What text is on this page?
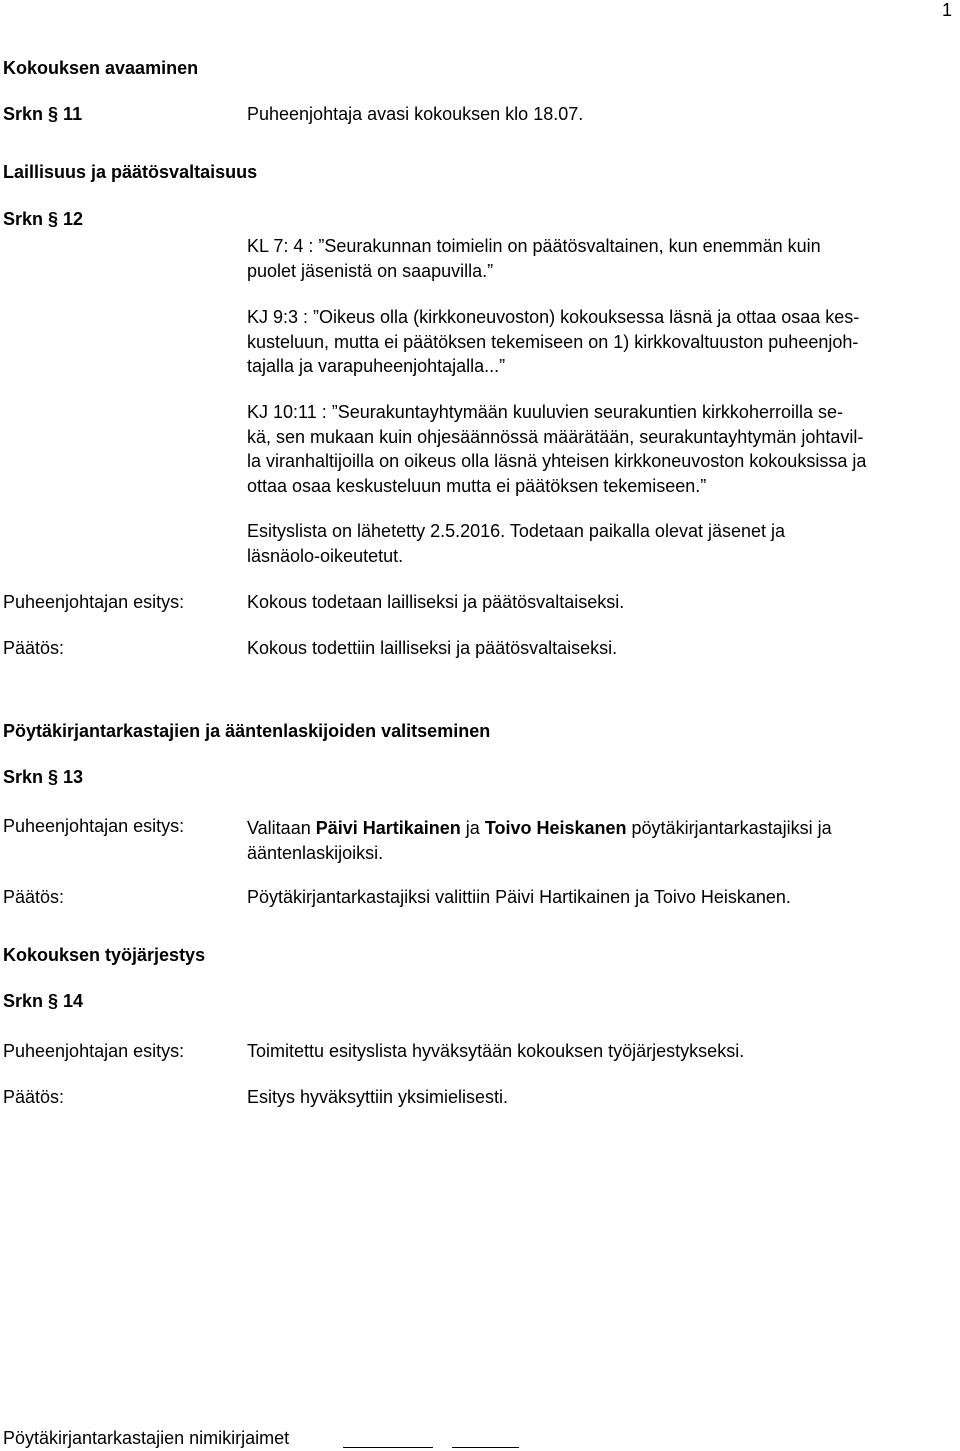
1
Kokouksen avaaminen
Srkn § 11	Puheenjohtaja avasi kokouksen klo 18.07.
Laillisuus ja päätösvaltaisuus
Srkn § 12
KL 7: 4 : ”Seurakunnan toimielin on päätösvaltainen, kun enemmän kuin
puolet jäsenistä on saapuvilla.”
KJ 9:3 : ”Oikeus olla (kirkkoneuvoston) kokouksessa läsnä ja ottaa osaa kes-
kusteluun, mutta ei päätöksen tekemiseen on 1) kirkkovaltuuston puheenjoh-
tajalla ja varapuheenjohtajalla...”
KJ 10:11 : ”Seurakuntayhtymään kuuluvien seurakuntien kirkkoherroilla se-
kä, sen mukaan kuin ohjesäännössä määrätään, seurakuntayhtymän johtavil-
la viranhaltijoilla on oikeus olla läsnä yhteisen kirkkoneuvoston kokouksissa ja
ottaa osaa keskusteluun mutta ei päätöksen tekemiseen.”
Esityslista on lähetetty 2.5.2016. Todetaan paikalla olevat jäsenet ja
läsnäolo-oikeutetut.
Puheenjohtajan esitys:	Kokous todetaan lailliseksi ja päätösvaltaiseksi.
Päätös:	Kokous todettiin lailliseksi ja päätösvaltaiseksi.
Pöytäkirjantarkastajien ja ääntenlaskijoiden valitseminen
Srkn § 13
Puheenjohtajan esitys:	Valitaan Päivi Hartikainen ja Toivo Heiskanen pöytäkirjantarkastajiksi ja
ääntenlaskijoiksi.
Päätös:	Pöytäkirjantarkastajiksi valittiin Päivi Hartikainen ja Toivo Heiskanen.
Kokouksen työjärjestys
Srkn § 14
Puheenjohtajan esitys:	Toimitettu esityslista hyväksytään kokouksen työjärjestykseksi.
Päätös:	Esitys hyväksyttiin yksimielisesti.
Pöytäkirjantarkastajien nimikirjaimet
